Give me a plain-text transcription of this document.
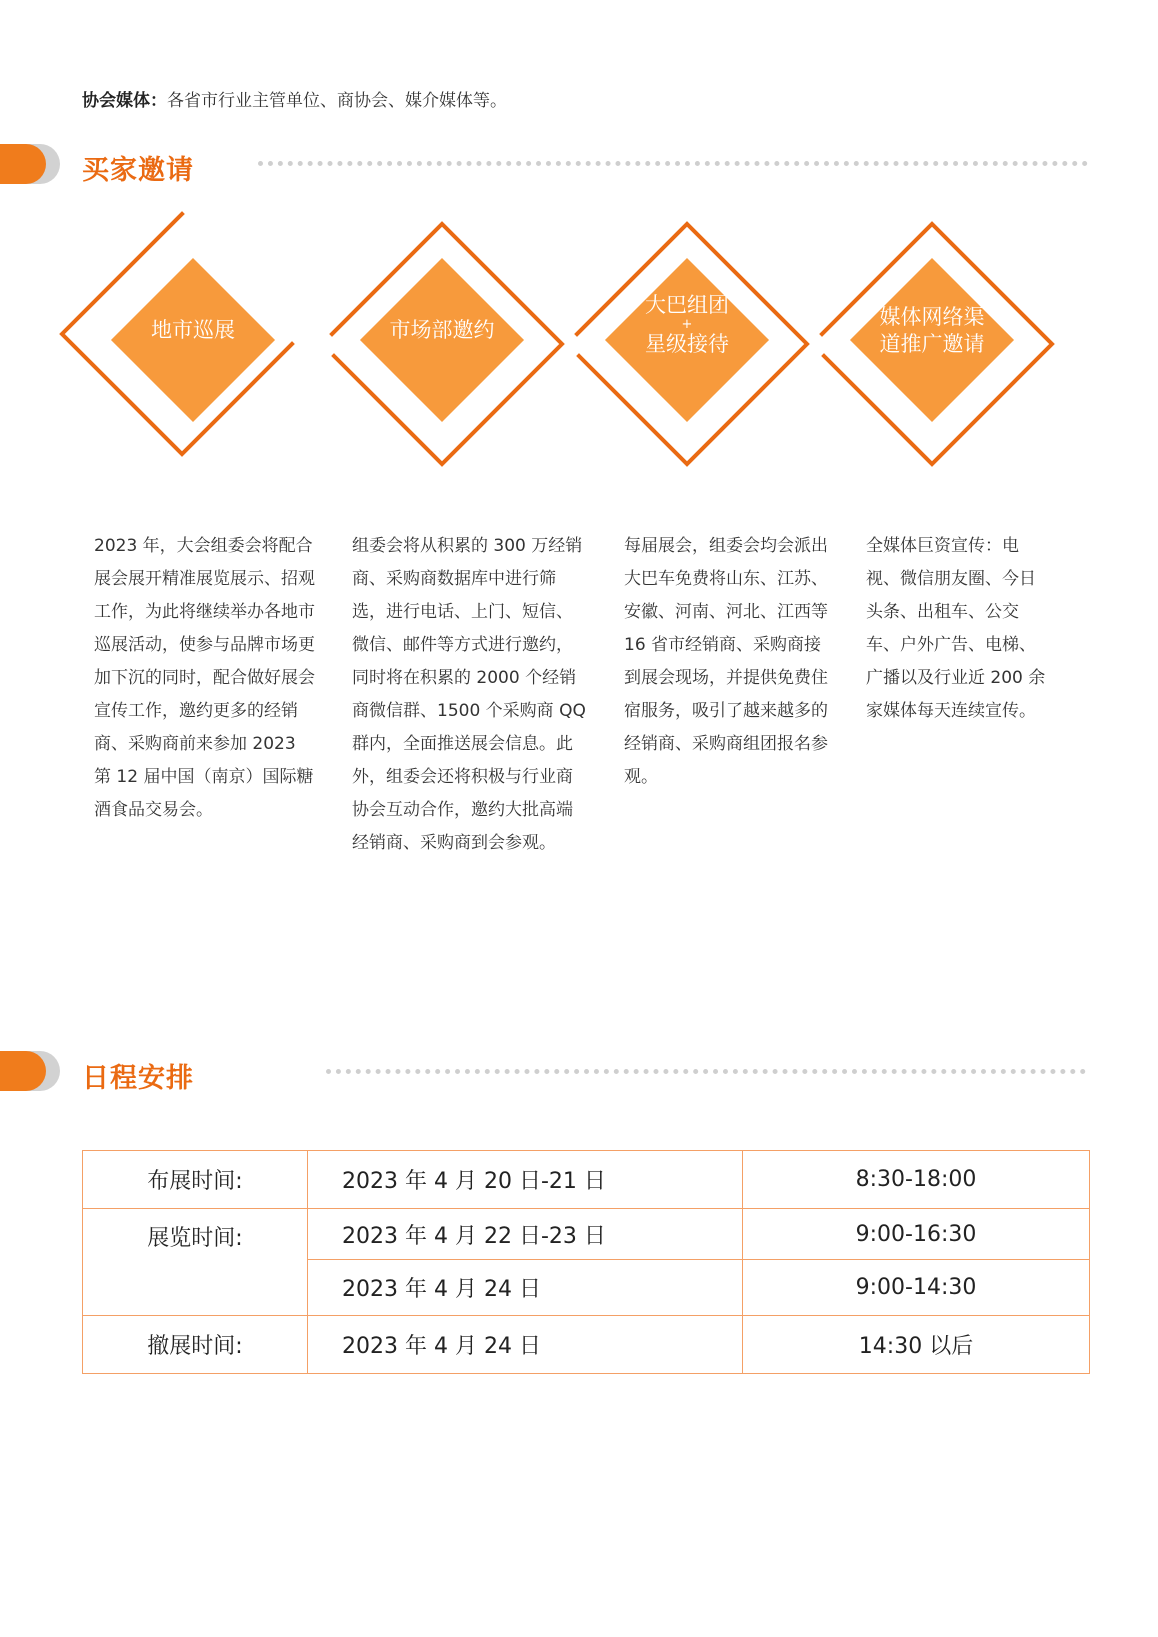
协会媒体：各省市行业主管单位、商协会、媒介媒体等。
买家邀请
地市巡展	市场部邀约
大巴组团
+
星级接待
媒体网络渠
道推广邀请
2023 年，大会组委会将配合展会展开精准展览展示、招观工作，为此将继续举办各地市巡展活动，使参与品牌市场更加下沉的同时，配合做好展会宣传工作，邀约更多的经销商、采购商前来参加 2023 第 12 届中国（南京）国际糖酒食品交易会。
组委会将从积累的 300 万经销商、采购商数据库中进行筛选，进行电话、上门、短信、微信、邮件等方式进行邀约，同时将在积累的 2000 个经销商微信群、1500 个采购商 QQ 群内，全面推送展会信息。此外，组委会还将积极与行业商协会互动合作，邀约大批高端经销商、采购商到会参观。
每届展会，组委会均会派出大巴车免费将山东、江苏、安徽、河南、河北、江西等 16 省市经销商、采购商接到展会现场，并提供免费住宿服务，吸引了越来越多的经销商、采购商组团报名参观。
全媒体巨资宣传：电视、微信朋友圈、今日头条、出租车、公交车、户外广告、电梯、广播以及行业近 200 余家媒体每天连续宣传。
日程安排
布展时间:	2023 年 4 月 20 日-21 日	8:30-18:00
展览时间:	2023 年 4 月 22 日-23 日	9:00-16:30
	2023 年 4 月 24 日	9:00-14:30
撤展时间:	2023 年 4 月 24 日	14:30 以后
